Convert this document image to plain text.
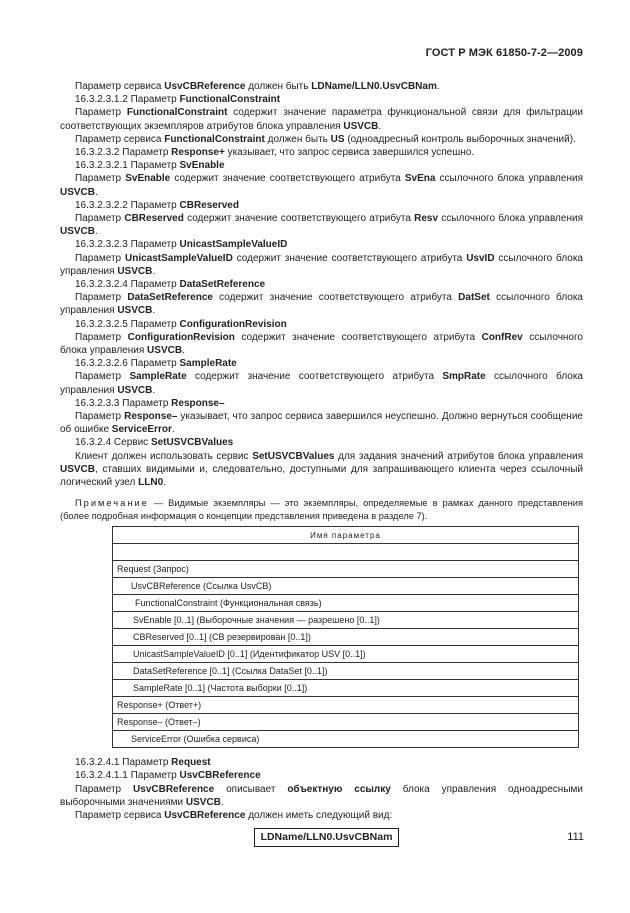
ГОСТ Р МЭК 61850-7-2—2009

Параметр сервиса UsvCBReference должен быть LDName/LLN0.UsvCBNam.

16.3.2.3.1.2 Параметр FunctionalConstraint

Параметр FunctionalConstraint содержит значение параметра функциональной связи для фильтрации соответствующих экземпляров атрибутов блока управления USVCB.

Параметр сервиса FunctionalConstraint должен быть US (одноадресный контроль выборочных значений).

16.3.2.3.2 Параметр Response+ указывает, что запрос сервиса завершился успешно.

16.3.2.3.2.1 Параметр SvEnable

Параметр SvEnable содержит значение соответствующего атрибута SvEna ссылочного блока управления USVCB.

16.3.2.3.2.2 Параметр CBReserved

Параметр CBReserved содержит значение соответствующего атрибута Resv ссылочного блока управления USVCB.

16.3.2.3.2.3 Параметр UnicastSampleValueID

Параметр UnicastSampleValueID содержит значение соответствующего атрибута UsvID ссылочного блока управления USVCB.

16.3.2.3.2.4 Параметр DataSetReference

Параметр DataSetReference содержит значение соответствующего атрибута DatSet ссылочного блока управления USVCB.

16.3.2.3.2.5 Параметр ConfigurationRevision

Параметр ConfigurationRevision содержит значение соответствующего атрибута ConfRev ссылочного блока управления USVCB.

16.3.2.3.2.6 Параметр SampleRate

Параметр SampleRate содержит значение соответствующего атрибута SmpRate ссылочного блока управления USVCB.

16.3.2.3.3 Параметр Response–

Параметр Response– указывает, что запрос сервиса завершился неуспешно. Должно вернуться сообщение об ошибке ServiceError.

16.3.2.4 Сервис SetUSVCBValues

Клиент должен использовать сервис SetUSVCBValues для задания значений атрибутов блока управления USVCB, ставших видимыми и, следовательно, доступными для запрашивающего клиента через ссылочный логический узел LLN0.

Примечание — Видимые экземпляры — это экземпляры, определяемые в рамках данного представления (более подробная информация о концепции представления приведена в разделе 7).

Имя параметра

Request (Запрос)
UsvCBReference (Ссылка UsvCB)
FunctionalConstraint (Функциональная связь)
SvEnable [0..1] (Выборочные значения — разрешено [0..1])
CBReserved [0..1] (СВ резервирован [0..1])
UnicastSampleValueID [0..1] (Идентификатор USV [0..1])
DataSetReference [0..1] (Ссылка DataSet [0..1])
SampleRate [0..1] (Частота выборки [0..1])
Response+ (Ответ+)
Response– (Ответ–)
ServiceError (Ошибка сервиса)

16.3.2.4.1 Параметр Request

16.3.2.4.1.1 Параметр UsvCBReference

Параметр UsvCBReference описывает объектную ссылку блока управления одноадресными выборочными значениями USVCB.

Параметр сервиса UsvCBReference должен иметь следующий вид:

LDName/LLN0.UsvCBNam	111
